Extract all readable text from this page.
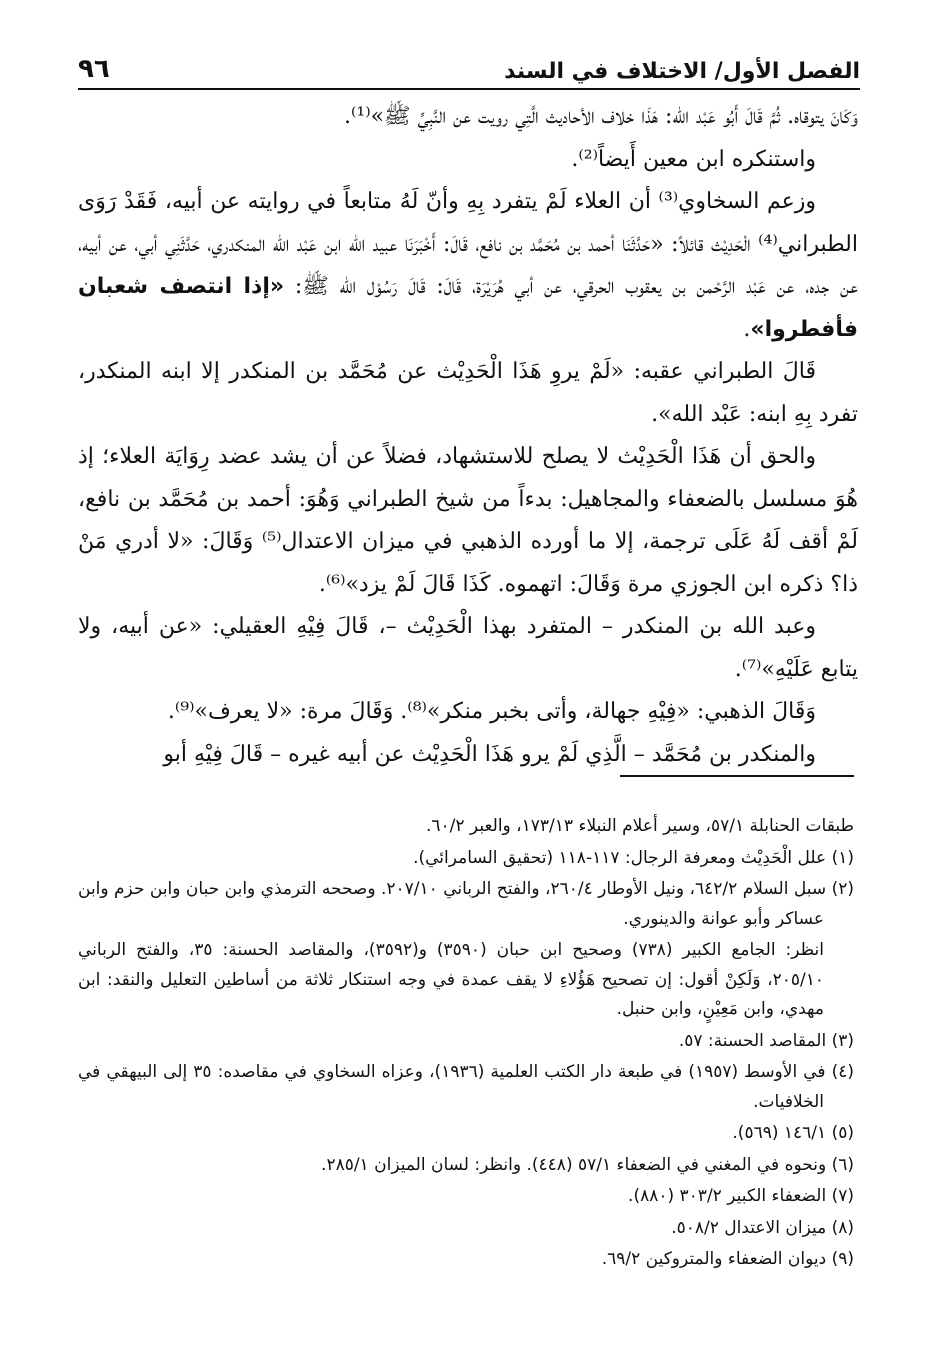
الفصل الأول/ الاختلاف في السند
٩٦

وَكَانَ يتوقاه. ثُمَّ قَالَ أَبُو عَبْد الله: هَذَا خلاف الأحاديث الَّتِي رويت عن النَّبِيِّ ﷺ»⁽¹⁾.

واستنكره ابن معين أَيضاً⁽²⁾.

وزعم السخاوي⁽³⁾ أن العلاء لَمْ يتفرد بِهِ وأنّ لَهُ متابعاً في روايته عن أبيه، فَقَدْ رَوَى الطبراني⁽⁴⁾ الْحَدِيْث قائلاً: «حَدَّثَنَا أحمد بن مُحَمَّد بن نافع، قَالَ: أَخْبَرَنَا عبيد الله ابن عَبْد الله المنكدري، حَدَّثَنِي أبي، عن أبيه، عن جده، عن عَبْد الرَّحْمن بن يعقوب الحرقي، عن أبي هُرَيْرَة، قَالَ: قَالَ رَسُوْل الله ﷺ: «إذا انتصف شعبان فأفطروا».

قَالَ الطبراني عقبه: «لَمْ يروِ هَذَا الْحَدِيْث عن مُحَمَّد بن المنكدر إلا ابنه المنكدر، تفرد بِهِ ابنه: عَبْد الله».

والحق أن هَذَا الْحَدِيْث لا يصلح للاستشهاد، فضلاً عن أن يشد عضد رِوَايَة العلاء؛ إذ هُوَ مسلسل بالضعفاء والمجاهيل: بدءاً من شيخ الطبراني وَهُوَ: أحمد بن مُحَمَّد بن نافع، لَمْ أقف لَهُ عَلَى ترجمة، إلا ما أورده الذهبي في ميزان الاعتدال⁽⁵⁾ وَقَالَ: «لا أدري مَنْ ذا؟ ذكره ابن الجوزي مرة وَقَالَ: اتهموه. كَذَا قَالَ لَمْ يزد»⁽⁶⁾.

وعبد الله بن المنكدر – المتفرد بهذا الْحَدِيْث –، قَالَ فِيْهِ العقيلي: «عن أبيه، ولا يتابع عَلَيْهِ»⁽⁷⁾.

وَقَالَ الذهبي: «فِيْهِ جهالة، وأتى بخبر منكر»⁽⁸⁾. وَقَالَ مرة: «لا يعرف»⁽⁹⁾.

والمنكدر بن مُحَمَّد – الَّذِي لَمْ يرو هَذَا الْحَدِيْث عن أبيه غيره – قَالَ فِيْهِ أبو

طبقات الحنابلة ٥٧/١، وسير أعلام النبلاء ١٧٣/١٣، والعبر ٦٠/٢.

(١) علل الْحَدِيْث ومعرفة الرجال: ١١٧-١١٨ (تحقيق السامرائي).

(٢) سبل السلام ٦٤٢/٢، ونيل الأوطار ٢٦٠/٤، والفتح الرباني ٢٠٧/١٠. وصححه الترمذي وابن حبان وابن حزم وابن عساكر وأبو عوانة والدينوري.

انظر: الجامع الكبير (٧٣٨) وصحيح ابن حبان (٣٥٩٠) و(٣٥٩٢)، والمقاصد الحسنة: ٣٥، والفتح الرباني ٢٠٥/١٠، وَلَكِنْ أقول: إن تصحيح هَؤُلاءِ لا يقف عمدة في وجه استنكار ثلاثة من أساطين التعليل والنقد: ابن مهدي، وابن مَعِيْنٍ، وابن حنبل.

(٣) المقاصد الحسنة: ٥٧.

(٤) في الأوسط (١٩٥٧) في طبعة دار الكتب العلمية (١٩٣٦)، وعزاه السخاوي في مقاصده: ٣٥ إلى البيهقي في الخلافيات.

(٥) ١٤٦/١ (٥٦٩).

(٦) ونحوه في المغني في الضعفاء ٥٧/١ (٤٤٨). وانظر: لسان الميزان ٢٨٥/١.

(٧) الضعفاء الكبير ٣٠٣/٢ (٨٨٠).

(٨) ميزان الاعتدال ٥٠٨/٢.

(٩) ديوان الضعفاء والمتروكين ٦٩/٢.
